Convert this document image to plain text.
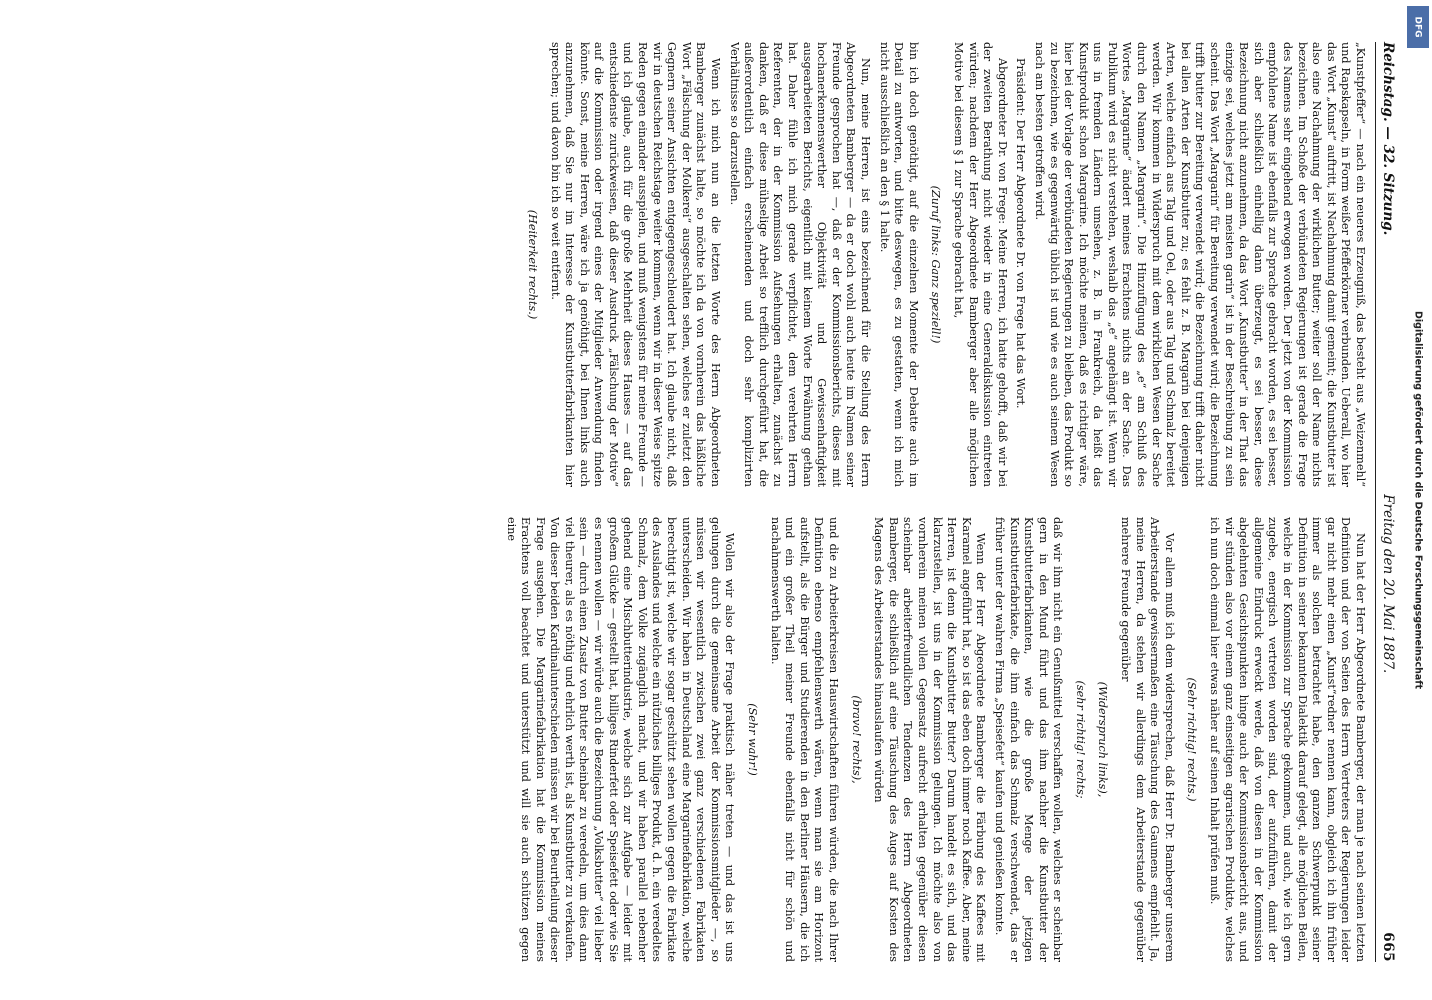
Reichstag. — 32. Sitzung.
Freitag den 20. Mai 1887.
665

„Kunstpfeffer“ — nach ein neueres Erzeugniß, das besteht aus „Weizenmehl“ und Rapskapseln, in Form weißer Pfefferkörner verbunden. Ueberall, wo hier das Wort „Kunst“ auftritt, ist Nachahmung damit gemeint; die Kunstbutter ist also eine Nachahmung der wirklichen Butter; weiter soll der Name nichts bezeichnen. Im Schoße der verbündeten Regierungen ist gerade die Frage des Namens sehr eingehend erwogen worden. Der jetzt von der Kommission empfohlene Name ist ebenfalls zur Sprache gebracht worden, es sei besser, sich aber schließlich einhellig dann überzeugt, es sei besser, diese Bezeichnung nicht anzunehmen, da das Wort „Kunstbutter“ in der That das einzige sei, welches jetzt am meisten garin“ ist in der Beschreibung zu sein scheint. Das Wort „Margarin“ für Bereitung verwendet wird; die Bezeichnung trifft butter zur Bereitung verwendet wird; die Bezeichnung trifft daher nicht bei allen Arten der Kunstbutter zu; es fehlt z. B. Margarin bei denjenigen Arten, welche einfach aus Talg und Oel, oder aus Talg und Schmalz bereitet werden. Wir kommen in Widerspruch mit dem wirklichen Wesen der Sache durch den Namen „Margarin“. Die Hinzufügung des „e“ am Schluß des Wortes „Margarine“ ändert meines Erachtens nichts an der Sache. Das Publikum wird es nicht verstehen, weshalb das „e“ angehängt ist. Wenn wir uns in fremden Ländern umsehen, z. B. in Frankreich, da heißt das Kunstprodukt schon Margarine. Ich möchte meinen, daß es richtiger wäre, hier bei der Vorlage der verbündeten Regierungen zu bleiben, das Produkt so zu bezeichnen, wie es gegenwärtig üblich ist und wie es auch seinem Wesen nach am besten getroffen wird.

Präsident: Der Herr Abgeordnete Dr. von Frege hat das Wort.

Abgeordneter Dr. von Frege: Meine Herren, ich hatte gehofft, daß wir bei der zweiten Berathung nicht wieder in eine Generaldiskussion eintreten würden; nachdem der Herr Abgeordnete Bamberger aber alle möglichen Motive bei diesem § 1 zur Sprache gebracht hat,

(Zuruf links: Ganz speziell!)

bin ich doch genöthigt, auf die einzelnen Momente der Debatte auch im Detail zu antworten, und bitte deswegen, es zu gestatten, wenn ich mich nicht ausschließlich an den § 1 halte.

Nun, meine Herren, ist eins bezeichnend für die Stellung des Herrn Abgeordneten Bamberger — da er doch wohl auch heute im Namen seiner Freunde gesprochen hat —, daß er der Kommissionsberichts, dieses mit hochanerkennenswerther Objektivität und Gewissenhaftigkeit ausgearbeiteten Berichts, eigentlich mit keinem Worte Erwähnung gethan hat. Daher fühle ich mich gerade verpflichtet, dem verehrten Herrn Referenten, der in der Kommission Aufsehungen erhalten, zunächst zu danken, daß er diese mühselige Arbeit so trefflich durchgeführt hat, die außerordentlich einfach erscheinenden und doch sehr komplizirten Verhältnisse so darzustellen.

Wenn ich mich nun an die letzten Worte des Herrn Abgeordneten Bamberger zunächst halte, so möchte ich da von vornherein das häßliche Wort „Fälschung der Molkerei“ ausgeschalten sehen, welches er zuletzt den Gegnern seiner Ansichten entgegengeschleudert hat. Ich glaube nicht, daß wir in deutschen Reichstage weiter kommen, wenn wir in dieser Weise spitze Reden gegen einander ausspielen, und muß wenigstens für meine Freunde — und ich glaube, auch für die große Mehrheit dieses Hauses — auf das entschiedenste zurückweisen, daß dieser Ausdruck „Fälschung der Motive“ auf die Kommission oder irgend eines der Mitglieder Anwendung finden könnte. Sonst, meine Herren, wäre ich ja genöthigt, bei Ihnen links auch anzunehmen, daß Sie nur im Interesse der Kunstbutterfabrikanten hier sprechen; und davon bin ich so weit entfernt.

(Heiterkeit rechts.)

Nun hat der Herr Abgeordnete Bamberger, der man je nach seinen letzten Definition und der von Seiten des Herrn Vertreters der Regierungen leider gar nicht mehr einen „Kunst“redner nennen kann, obgleich ich ihn früher immer als solchen betrachtet habe, den ganzen Schwerpunkt seiner Definition in seiner bekannten Dialektik darauf gelegt, alle möglichen Beilen, welche in der Kommission zur Sprache gekommen, und auch, wie ich gern zugebe, energisch vertreten worden sind, der aufzuführen, damit der allgemeine Eindruck erweckt werde, daß von diesen in der Kommission abgelehnten Gesichtspunkten hinge auch der Kommissionsbericht aus, und wir stünden also vor einem ganz einseitigen agrarischen Produkte, welches ich nun doch einmal hier etwas näher auf seinen Inhalt prüfen muß.

(Sehr richtig! rechts.)

Vor allem muß ich dem widersprechen, daß Herr Dr. Bamberger unserem Arbeiterstande gewissermaßen eine Täuschung des Gaumens empfiehlt. Ja, meine Herren, da stehen wir allerdings dem Arbeiterstande gegenüber mehrere Freunde gegenüber

(Widerspruch links),

(sehr richtig! rechts;

daß wir ihm nicht ein Genußmittel verschaffen wollen, welches er scheinbar gern in den Mund führt und das ihm nachher die Kunstbutter der Kunstbutterfabrikanten, wie die große Menge der jetzigen Kunstbutterfabrikate, die ihm einfach das Schmalz verschwendet, das er früher unter der wahren Firma „Speisefett“ kaufen und genießen konnte.

Wenn der Herr Abgeordnete Bamberger die Färbung des Kaffees mit Karamel angeführt hat, so ist das eben doch immer noch Kaffee. Aber, meine Herren, ist denn die Kunstbutter Butter? Darum handelt es sich, und das klarzustellen, ist uns in der Kommission gelungen. Ich möchte also von vornherein meinen vollen Gegensatz aufrecht erhalten gegenüber diesen scheinbar arbeiterfreundlichen Tendenzen des Herrn Abgeordneten Bamberger, die schließlich auf eine Täuschung des Auges auf Kosten des Magens des Arbeiterstandes hinauslaufen würden

(bravo! rechts),

und die zu Arbeiterkreisen Hauswirtschaften führen würden, die nach Ihrer Definition ebenso empfehlenswerth wären, wenn man sie am Horizont aufstellt, als die Bürger und Studierenden in den Berliner Häusern, die ich und ein großer Theil meiner Freunde ebenfalls nicht für schön und nachahmenswerth halten.

(Sehr wahr!)

Wollen wir also der Frage praktisch näher treten — und das ist uns gelungen durch die gemeinsame Arbeit der Kommissionsmitglieder —, so müssen wir wesentlich zwischen zwei ganz verschiedenen Fabrikaten unterscheiden. Wir haben in Deutschland eine Margarinefabrikation, welche berechtigt ist, welche wir sogar geschützt sehen wollen gegen die Fabrikate des Auslandes und welche ein nützliches billiges Produkt, d. h. ein veredeltes Schmalz, dem Volke zugänglich macht, und wir haben parallel nebenher gehend eine Mischbutterindustrie, welche sich zur Aufgabe — leider mit großem Glücke — gestellt hat, billiges Rinderfett oder Speisefett oder wie Sie es nennen wollen — wir würde auch die Bezeichnung „Volksbutter“ viel lieber sein — durch einen Zusatz von Butter scheinbar zu veredeln, um dies dann viel theurer, als es nöthig und ehrlich werth ist, als Kunstbutter zu verkaufen. Von dieser beiden Kardinalunterschieden müssen wir bei Beurtheilung dieser Frage ausgehen. Die Margarinefabrikation hat die Kommission meines Erachtens voll beachtet und unterstützt und will sie auch schützen gegen eine

DFG
Digitalisierung gefördert durch die Deutsche Forschungsgemeinschaft
